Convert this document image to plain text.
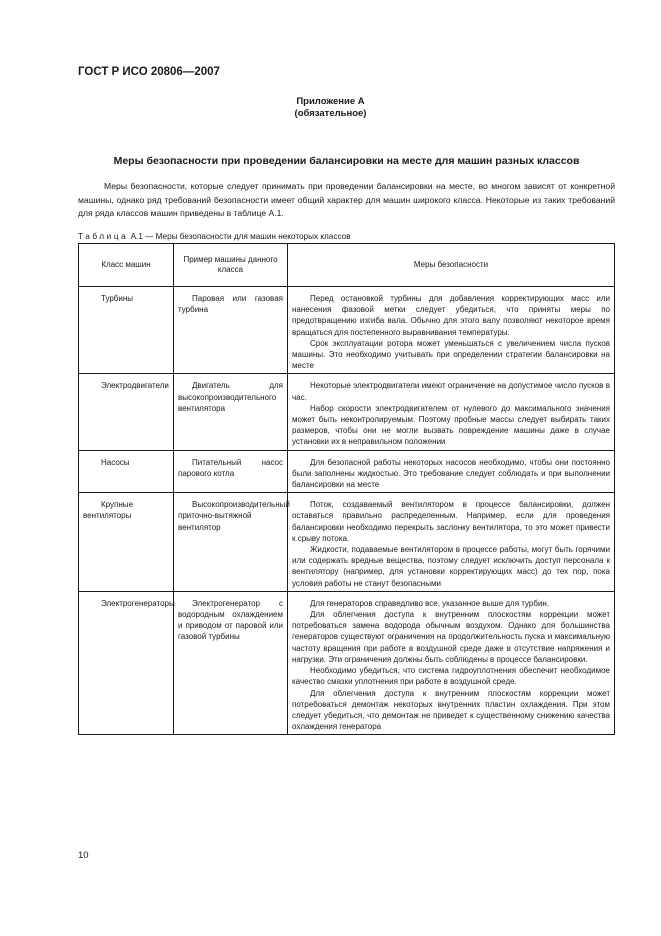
ГОСТ Р ИСО 20806—2007
Приложение А
(обязательное)
Меры безопасности при проведении балансировки на месте для машин разных классов

Меры безопасности, которые следует принимать при проведении балансировки на месте, во многом зависят от конкретной машины, однако ряд требований безопасности имеет общий характер для машин широкого класса. Некоторые из таких требований для ряда классов машин приведены в таблице А.1.

Таблица А.1 — Меры безопасности для машин некоторых классов
Класс машин	Пример машины данного класса	Меры безопасности

Турбины	Паровая или газовая турбина	Перед остановкой турбины для добавления корректирующих масс или нанесения фазовой метки следует убедиться, что приняты меры по предотвращению изгиба вала. Обычно для этого валу позволяют некоторое время вращаться для постепенного выравнивания температуры.

Срок эксплуатации ротора может уменьшаться с увеличением числа пусков машины. Это необходимо учитывать при определении стратегии балансировки на месте

Электродвигатели	Двигатель для высокопроизводительного вентилятора	Некоторые электродвигатели имеют ограничение на допустимое число пусков в час.

Набор скорости электродвигателем от нулевого до максимального значения может быть неконтролируемым. Поэтому пробные массы следует выбирать таких размеров, чтобы они не могли вызвать повреждение машины даже в случае установки их в неправильном положении

Насосы	Питательный насос парового котла	Для безопасной работы некоторых насосов необходимо, чтобы они постоянно были заполнены жидкостью. Это требование следует соблюдать и при выполнении балансировки на месте

Крупные вентиляторы	Высокопроизводительный приточно-вытяжной вентилятор	Поток, создаваемый вентилятором в процессе балансировки, должен оставаться правильно распределенным. Например, если для проведения балансировки необходимо перекрыть заслонку вентилятора, то это может привести к срыву потока.

Жидкости, подаваемые вентилятором в процессе работы, могут быть горячими или содержать вредные вещества, поэтому следует исключить доступ персонала к вентилятору (например, для установки корректирующих масс) до тех пор, пока условия работы не станут безопасными

Электрогенераторы	Электрогенератор с водородным охлаждением и приводом от паровой или газовой турбины	Для генераторов справедливо все, указанное выше для турбин.

Для облегчения доступа к внутренним плоскостям коррекции может потребоваться замена водорода обычным воздухом. Однако для большинства генераторов существуют ограничения на продолжительность пуска и максимальную частоту вращения при работе в воздушной среде даже в отсутствие напряжения и нагрузки. Эти ограничения должны быть соблюдены в процессе балансировки.

Необходимо убедиться, что система гидроуплотнения обеспечит необходимое качество смазки уплотнения при работе в воздушной среде.

Для облегчения доступа к внутренним плоскостям коррекции может потребоваться демонтаж некоторых внутренних пластин охлаждения. При этом следует убедиться, что демонтаж не приведет к существенному снижению качества охлаждения генератора

10
